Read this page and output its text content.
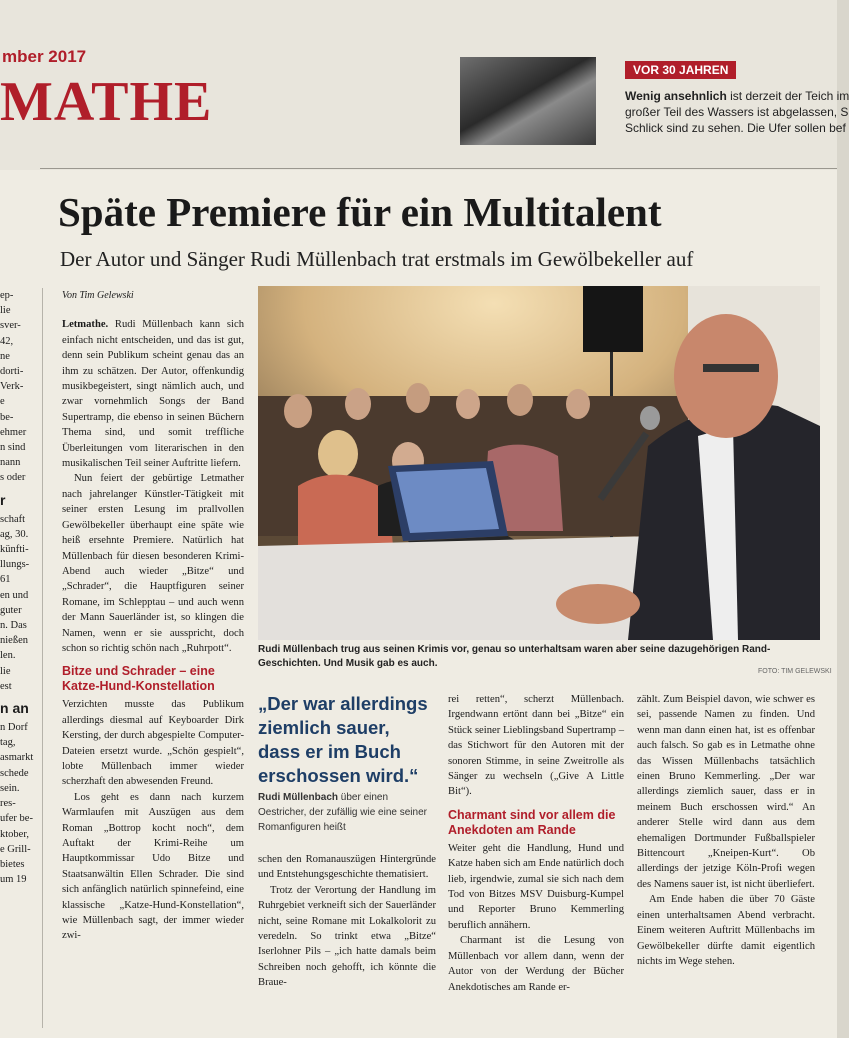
mber 2017
MATHE
VOR 30 JAHREN
Wenig ansehnlich ist derzeit der Teich im
großer Teil des Wassers ist abgelassen, S
Schlick sind zu sehen. Die Ufer sollen bef
Späte Premiere für ein Multitalent
Der Autor und Sänger Rudi Müllenbach trat erstmals im Gewölbekeller auf
ep-
lie
sver-
42,
ne
dorti-
Verk-
e
be-
ehmer
n sind
nann
s oder
r
schaft
ag, 30.
künfti-
llungs-
61
en und
guter
n. Das
nießen
len.
lie
est
n an
n Dorf
tag,
asmarkt
schede
sein.
res-
ufer be-
ktober,
e Grill-
bietes
um 19
Von Tim Gelewski

Letmathe. Rudi Müllenbach kann sich einfach nicht entscheiden, und das ist gut, denn sein Publikum scheint genau das an ihm zu schätzen. Der Autor, offenkundig musikbegeistert, singt nämlich auch, und zwar vornehmlich Songs der Band Supertramp, die ebenso in seinen Büchern Thema sind, und somit treffliche Überleitungen vom literarischen in den musikalischen Teil seiner Auftritte liefern.

Nun feiert der gebürtige Letmather nach jahrelanger Künstler-Tätigkeit mit seiner ersten Lesung im prallvollen Gewölbekeller überhaupt eine späte wie heiß ersehnte Premiere. Natürlich hat Müllenbach für diesen besonderen Krimi-Abend auch wieder „Bitze“ und „Schrader“, die Hauptfiguren seiner Romane, im Schlepptau – und auch wenn der Mann Sauerländer ist, so klingen die Namen, wenn er sie ausspricht, doch schon so richtig schön nach „Ruhrpott“.

Bitze und Schrader – eine Katze-Hund-Konstellation

Verzichten musste das Publikum allerdings diesmal auf Keyboarder Dirk Kersting, der durch abgespielte Computer-Dateien ersetzt wurde. „Schön gespielt“, lobte Müllenbach immer wieder scherzhaft den abwesenden Freund.

Los geht es dann nach kurzem Warmlaufen mit Auszügen aus dem Roman „Bottrop kocht noch“, dem Auftakt der Krimi-Reihe um Hauptkommissar Udo Bitze und Staatsanwältin Ellen Schrader. Die sind sich anfänglich natürlich spinnefeind, eine klassische „Katze-Hund-Konstellation“, wie Müllenbach sagt, der immer wieder zwi-

Rudi Müllenbach trug aus seinen Krimis vor, genau so unterhaltsam waren aber seine dazugehörigen Rand-Geschichten. Und Musik gab es auch.
FOTO: TIM GELEWSKI
„Der war allerdings ziemlich sauer, dass er im Buch erschossen wird.“
Rudi Müllenbach über einen Oestricher, der zufällig wie eine seiner Romanfiguren heißt

schen den Romanauszügen Hintergründe und Entstehungsgeschichte thematisiert.

Trotz der Verortung der Handlung im Ruhrgebiet verkneift sich der Sauerländer nicht, seine Romane mit Lokalkolorit zu veredeln. So trinkt etwa „Bitze“ Iserlohner Pils – „ich hatte damals beim Schreiben noch gehofft, ich könnte die Braue-

rei retten“, scherzt Müllenbach. Irgendwann ertönt dann bei „Bitze“ ein Stück seiner Lieblingsband Supertramp – das Stichwort für den Autoren mit der sonoren Stimme, in seine Zweitrolle als Sänger zu wechseln („Give A Little Bit“).

Charmant sind vor allem die Anekdoten am Rande

Weiter geht die Handlung, Hund und Katze haben sich am Ende natürlich doch lieb, irgendwie, zumal sie sich nach dem Tod von Bitzes MSV Duisburg-Kumpel und Reporter Bruno Kemmerling beruflich annähern.

Charmant ist die Lesung von Müllenbach vor allem dann, wenn der Autor von der Werdung der Bücher Anekdotisches am Rande er-

zählt. Zum Beispiel davon, wie schwer es sei, passende Namen zu finden. Und wenn man dann einen hat, ist es offenbar auch falsch. So gab es in Letmathe ohne das Wissen Müllenbachs tatsächlich einen Bruno Kemmerling. „Der war allerdings ziemlich sauer, dass er in meinem Buch erschossen wird.“ An anderer Stelle wird dann aus dem ehemaligen Dortmunder Fußballspieler Bittencourt „Kneipen-Kurt“. Ob allerdings der jetzige Köln-Profi wegen des Namens sauer ist, ist nicht überliefert.

Am Ende haben die über 70 Gäste einen unterhaltsamen Abend verbracht. Einem weiteren Auftritt Müllenbachs im Gewölbekeller dürfte damit eigentlich nichts im Wege stehen.
